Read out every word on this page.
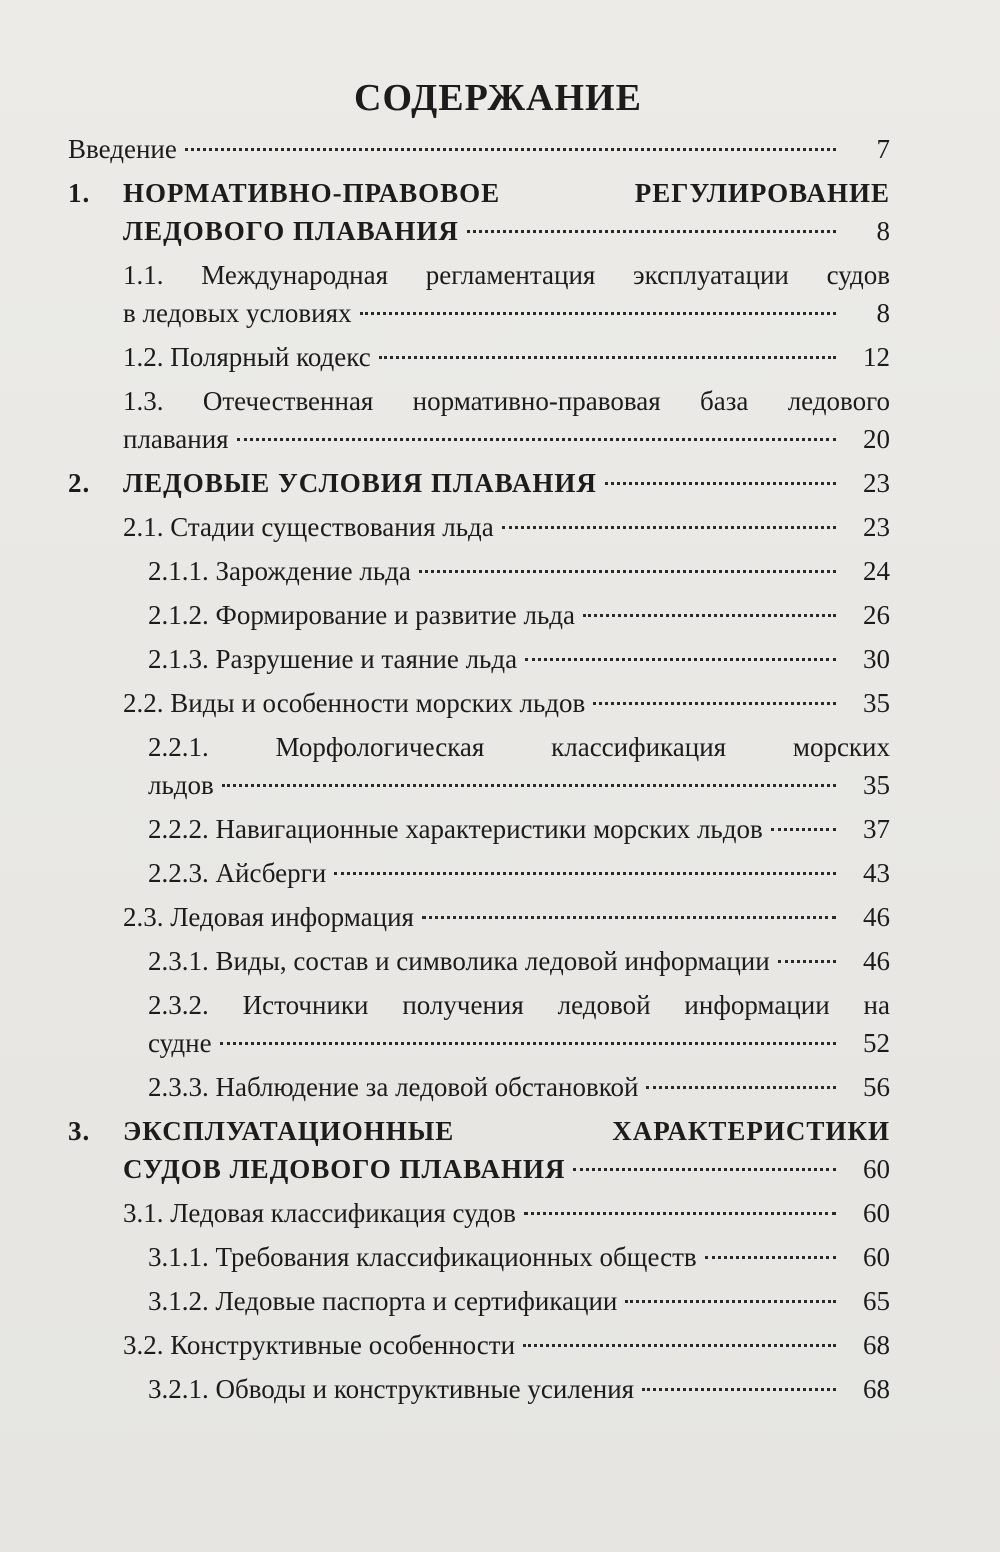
СОДЕРЖАНИЕ
Введение	7
1.	НОРМАТИВНО-ПРАВОВОЕ РЕГУЛИРОВАНИЕ
ЛЕДОВОГО ПЛАВАНИЯ	8
1.1. Международная регламентация эксплуатации судов
в ледовых условиях	8
1.2. Полярный кодекс	12
1.3. Отечественная нормативно-правовая база ледового
плавания	20
2.	ЛЕДОВЫЕ УСЛОВИЯ ПЛАВАНИЯ	23
2.1. Стадии существования льда	23
2.1.1. Зарождение льда	24
2.1.2. Формирование и развитие льда	26
2.1.3. Разрушение и таяние льда	30
2.2. Виды и особенности морских льдов	35
2.2.1. Морфологическая классификация морских
льдов	35
2.2.2. Навигационные характеристики морских льдов	37
2.2.3. Айсберги	43
2.3. Ледовая информация	46
2.3.1. Виды, состав и символика ледовой информации	46
2.3.2. Источники получения ледовой информации на
судне	52
2.3.3. Наблюдение за ледовой обстановкой	56
3.	ЭКСПЛУАТАЦИОННЫЕ ХАРАКТЕРИСТИКИ
СУДОВ ЛЕДОВОГО ПЛАВАНИЯ	60
3.1. Ледовая классификация судов	60
3.1.1. Требования классификационных обществ	60
3.1.2. Ледовые паспорта и сертификации	65
3.2. Конструктивные особенности	68
3.2.1. Обводы и конструктивные усиления	68
